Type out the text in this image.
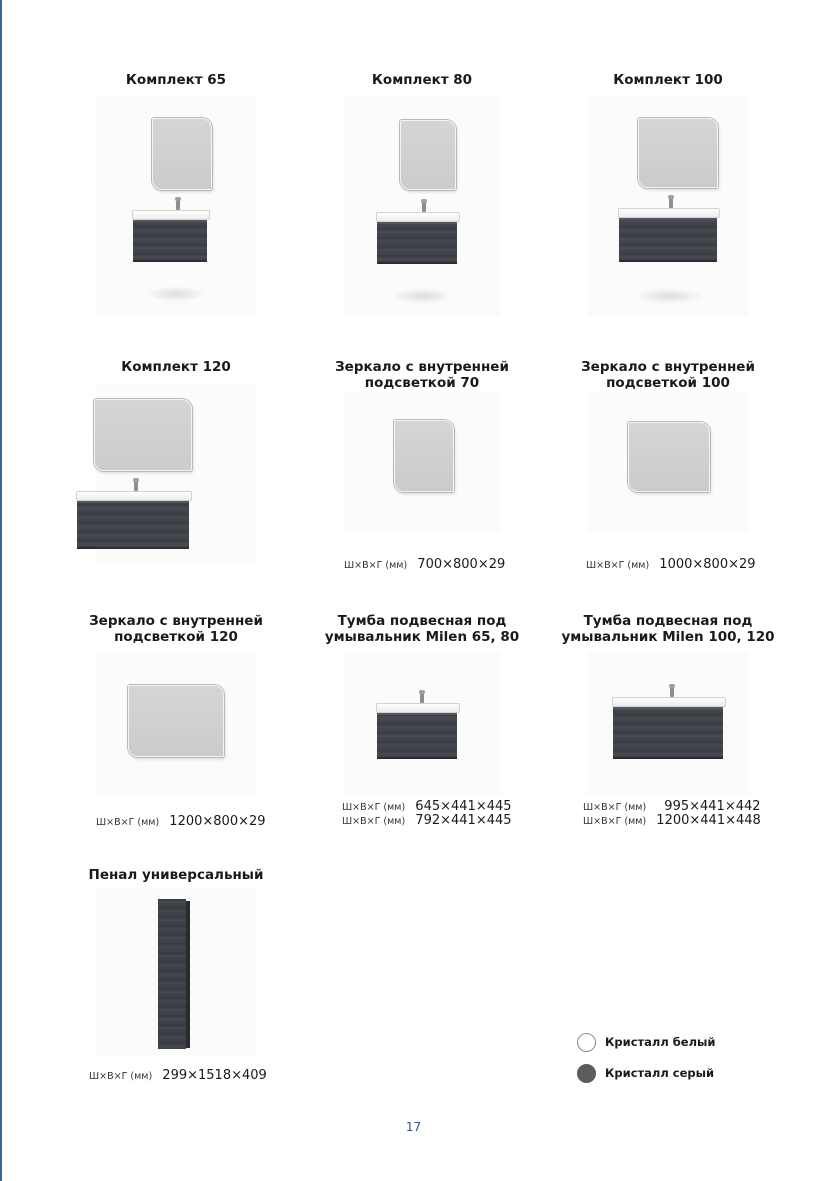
Комплект 65	Комплект 80	Комплект 100
Комплект 120	Зеркало с внутренней подсветкой 70
Ш×В×Г (мм) 700×800×29
Зеркало с внутренней подсветкой 100
Ш×В×Г (мм) 1000×800×29
Зеркало с внутренней подсветкой 120
Ш×В×Г (мм) 1200×800×29
Тумба подвесная под умывальник Milen 65, 80
Ш×В×Г (мм) 645×441×445
Ш×В×Г (мм) 792×441×445
Тумба подвесная под умывальник Milen 100, 120
Ш×В×Г (мм) 995×441×442
Ш×В×Г (мм) 1200×441×448
Пенал универсальный
Ш×В×Г (мм) 299×1518×409
Кристалл белый
Кристалл серый
17
